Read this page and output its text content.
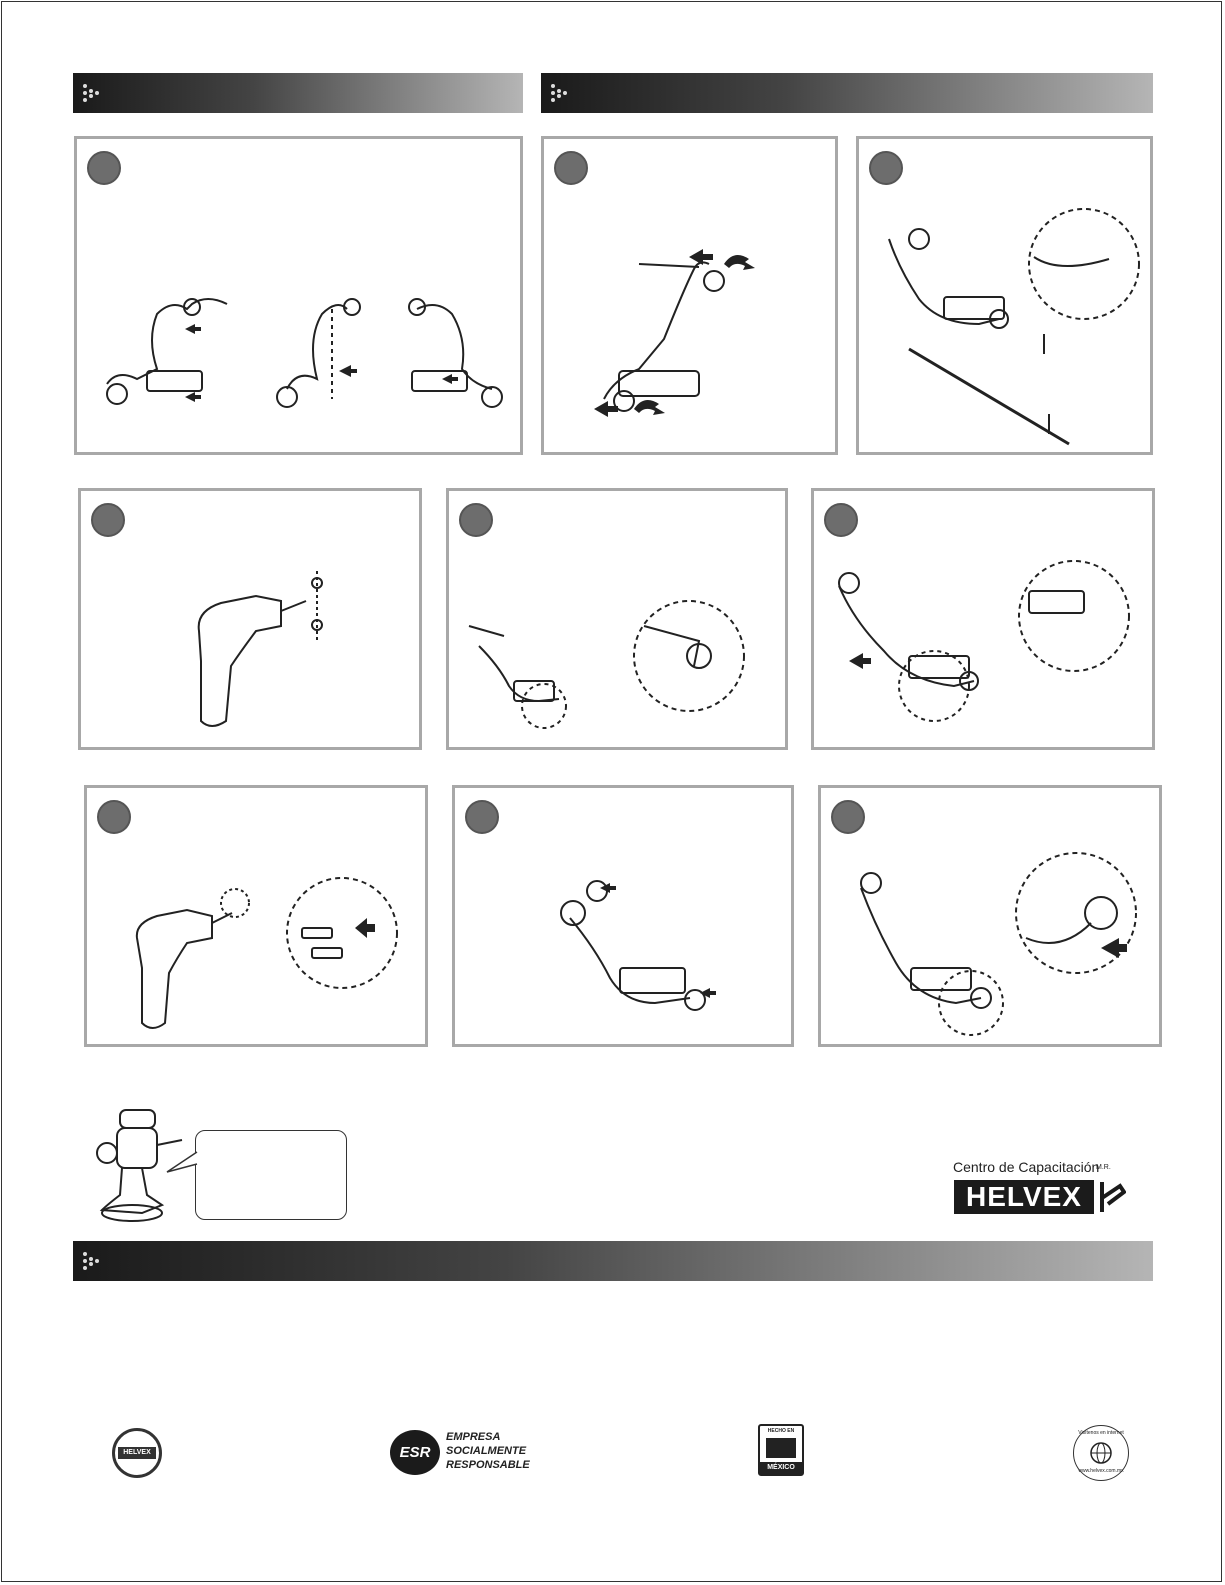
Centro de Capacitación
HELVEX
M.R.
HELVEX	ESR
EMPRESA
SOCIALMENTE
RESPONSABLE
HECHO EN
MÉXICO
Visítenos en internet
www.helvex.com.mx
